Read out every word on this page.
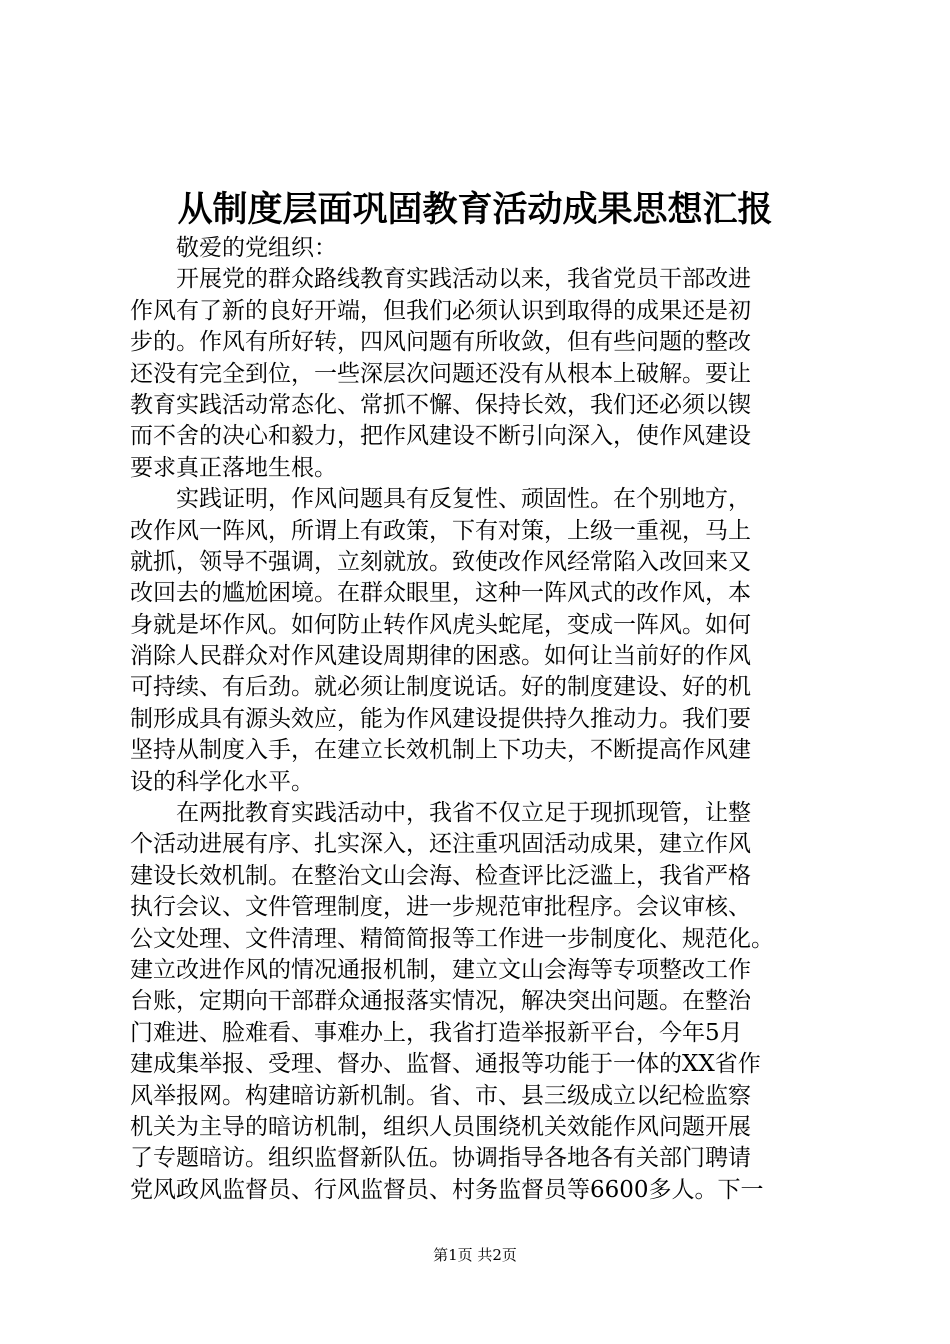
从制度层面巩固教育活动成果思想汇报
　　敬爱的党组织：
　　开展党的群众路线教育实践活动以来，我省党员干部改进
作风有了新的良好开端，但我们必须认识到取得的成果还是初
步的。作风有所好转，四风问题有所收敛，但有些问题的整改
还没有完全到位，一些深层次问题还没有从根本上破解。要让
教育实践活动常态化、常抓不懈、保持长效，我们还必须以锲
而不舍的决心和毅力，把作风建设不断引向深入，使作风建设
要求真正落地生根。
　　实践证明，作风问题具有反复性、顽固性。在个别地方，
改作风一阵风，所谓上有政策，下有对策，上级一重视，马上
就抓，领导不强调，立刻就放。致使改作风经常陷入改回来又
改回去的尴尬困境。在群众眼里，这种一阵风式的改作风，本
身就是坏作风。如何防止转作风虎头蛇尾，变成一阵风。如何
消除人民群众对作风建设周期律的困惑。如何让当前好的作风
可持续、有后劲。就必须让制度说话。好的制度建设、好的机
制形成具有源头效应，能为作风建设提供持久推动力。我们要
坚持从制度入手，在建立长效机制上下功夫，不断提高作风建
设的科学化水平。
　　在两批教育实践活动中，我省不仅立足于现抓现管，让整
个活动进展有序、扎实深入，还注重巩固活动成果，建立作风
建设长效机制。在整治文山会海、检查评比泛滥上，我省严格
执行会议、文件管理制度，进一步规范审批程序。会议审核、
公文处理、文件清理、精简简报等工作进一步制度化、规范化。
建立改进作风的情况通报机制，建立文山会海等专项整改工作
台账，定期向干部群众通报落实情况，解决突出问题。在整治
门难进、脸难看、事难办上，我省打造举报新平台，今年5月
建成集举报、受理、督办、监督、通报等功能于一体的XX省作
风举报网。构建暗访新机制。省、市、县三级成立以纪检监察
机关为主导的暗访机制，组织人员围绕机关效能作风问题开展
了专题暗访。组织监督新队伍。协调指导各地各有关部门聘请
党风政风监督员、行风监督员、村务监督员等6600多人。下一
第1页 共2页
